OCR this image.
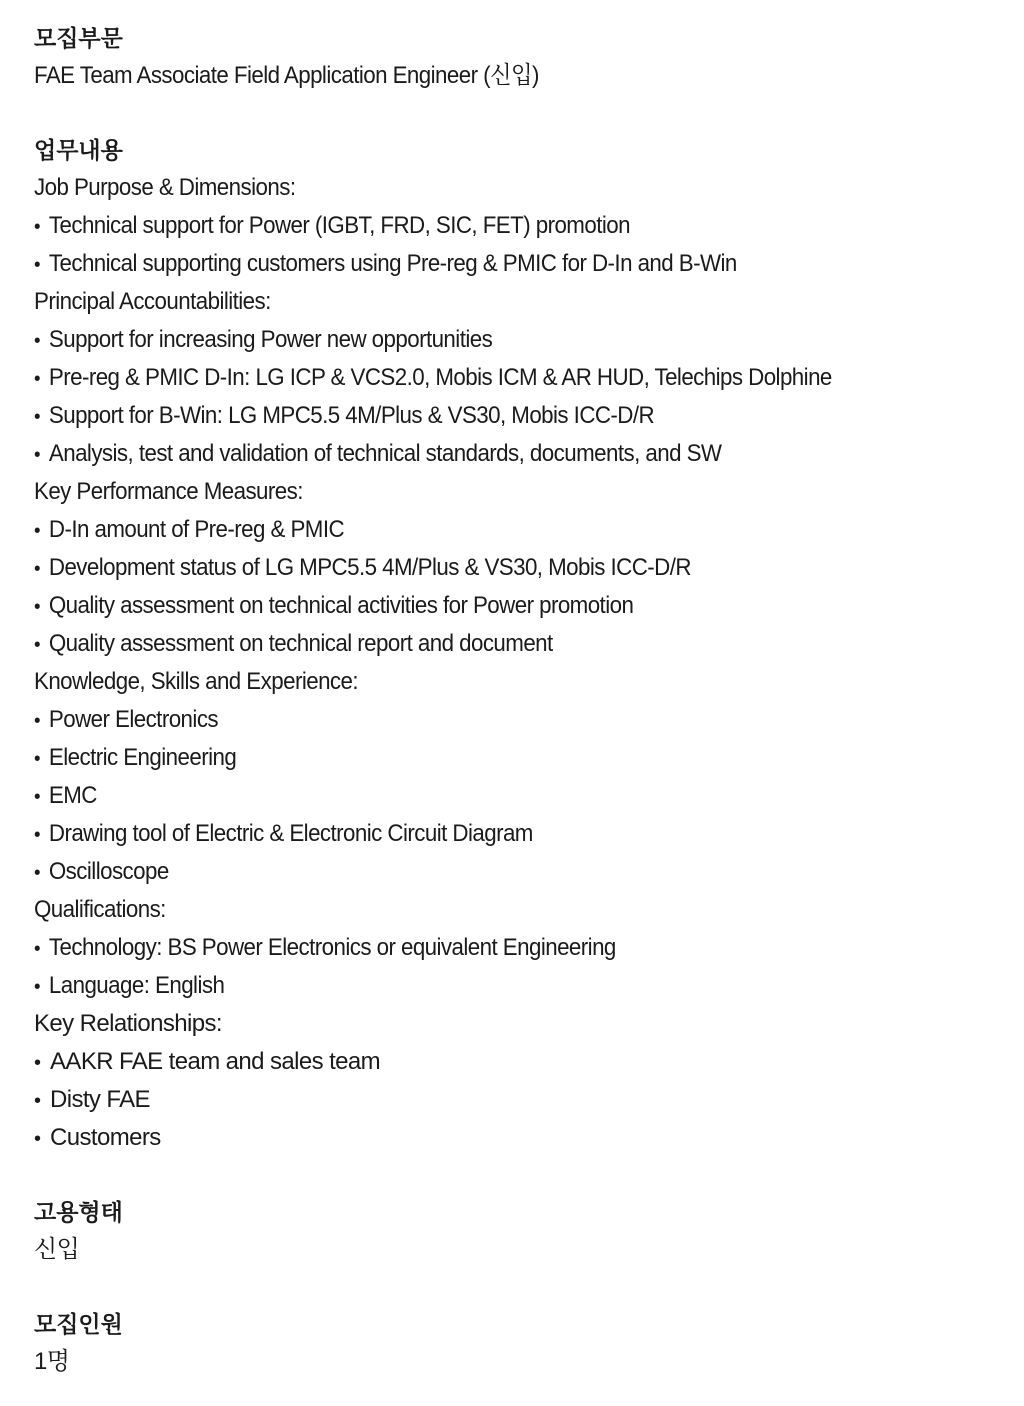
모집부문
FAE Team Associate Field Application Engineer (신입)
업무내용
Job Purpose & Dimensions:
• Technical support for Power (IGBT, FRD, SIC, FET) promotion
• Technical supporting customers using Pre-reg & PMIC for D-In and B-Win
Principal Accountabilities:
• Support for increasing Power new opportunities
• Pre-reg & PMIC D-In: LG ICP & VCS2.0, Mobis ICM & AR HUD, Telechips Dolphine
• Support for B-Win: LG MPC5.5 4M/Plus & VS30, Mobis ICC-D/R
• Analysis, test and validation of technical standards, documents, and SW
Key Performance Measures:
• D-In amount of Pre-reg & PMIC
• Development status of LG MPC5.5 4M/Plus & VS30, Mobis ICC-D/R
• Quality assessment on technical activities for Power promotion
• Quality assessment on technical report and document
Knowledge, Skills and Experience:
• Power Electronics
• Electric Engineering
• EMC
• Drawing tool of Electric & Electronic Circuit Diagram
• Oscilloscope
Qualifications:
• Technology: BS Power Electronics or equivalent Engineering
• Language: English
Key Relationships:
• AAKR FAE team and sales team
• Disty FAE
• Customers
고용형태
신입
모집인원
1명
